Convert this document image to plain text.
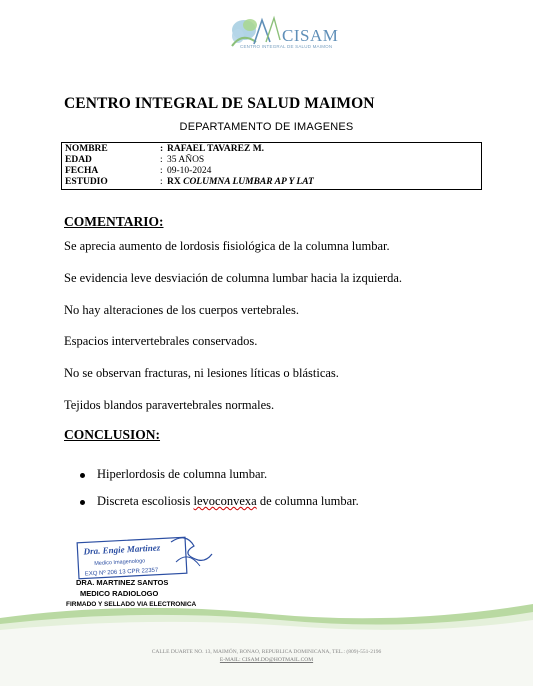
CISAM
CENTRO INTEGRAL DE SALUD MAIMON
CENTRO INTEGRAL DE SALUD MAIMON
DEPARTAMENTO DE IMAGENES
NOMBRE	: RAFAEL TAVAREZ M.
EDAD	: 35 AÑOS
FECHA	: 09-10-2024
ESTUDIO	: RX COLUMNA LUMBAR AP Y LAT
COMENTARIO:
Se aprecia aumento de lordosis fisiológica de la columna lumbar.
Se evidencia leve desviación de columna lumbar hacia la izquierda.
No hay alteraciones de los cuerpos vertebrales.
Espacios intervertebrales conservados.
No se observan fracturas, ni lesiones líticas o blásticas.
Tejidos blandos paravertebrales normales.
CONCLUSION:
Hiperlordosis de columna lumbar.
Discreta escoliosis levoconvexa de columna lumbar.
Dra. Engie Martinez
Medico Imagenologo
EXQ Nº 206 13 CPR 22357
DRA. MARTINEZ SANTOS
MEDICO RADIOLOGO
FIRMADO Y SELLADO VIA ELECTRONICA
CALLE DUARTE NO. 13, MAIMÓN, BONAO, REPUBLICA DOMINICANA, TEL.: (809)-551-2196
E-MAIL: CISAM.DO@HOTMAIL.COM
